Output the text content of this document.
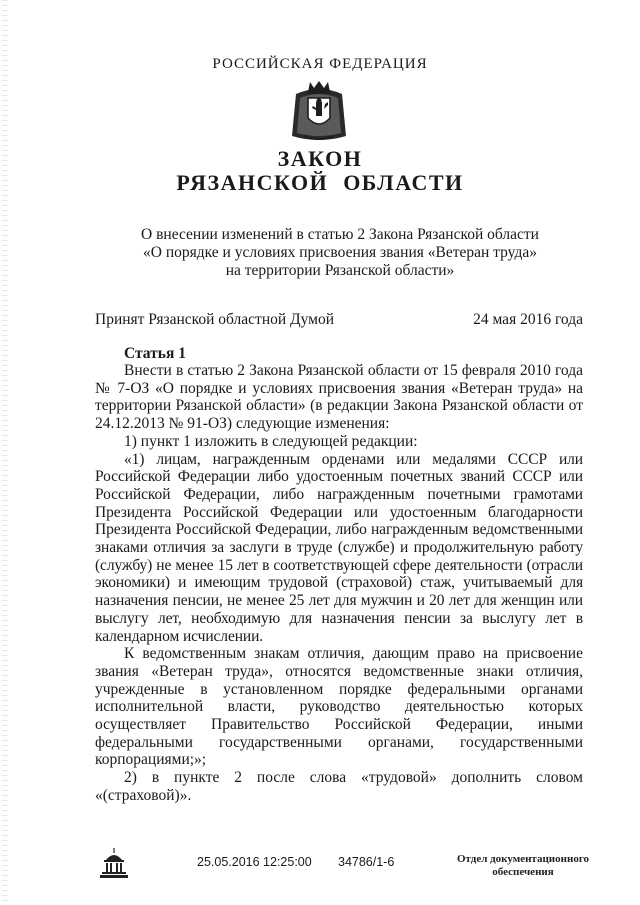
РОССИЙСКАЯ ФЕДЕРАЦИЯ
ЗАКОН
РЯЗАНСКОЙ ОБЛАСТИ
О внесении изменений в статью 2 Закона Рязанской области
«О порядке и условиях присвоения звания «Ветеран труда»
на территории Рязанской области»
Принят Рязанской областной Думой	24 мая 2016 года
Статья 1

Внести в статью 2 Закона Рязанской области от 15 февраля 2010 года № 7-ОЗ «О порядке и условиях присвоения звания «Ветеран труда» на территории Рязанской области» (в редакции Закона Рязанской области от 24.12.2013 № 91-ОЗ) следующие изменения:

1) пункт 1 изложить в следующей редакции:

«1) лицам, награжденным орденами или медалями СССР или Российской Федерации либо удостоенным почетных званий СССР или Российской Федерации, либо награжденным почетными грамотами Президента Российской Федерации или удостоенным благодарности Президента Российской Федерации, либо награжденным ведомственными знаками отличия за заслуги в труде (службе) и продолжительную работу (службу) не менее 15 лет в соответствующей сфере деятельности (отрасли экономики) и имеющим трудовой (страховой) стаж, учитываемый для назначения пенсии, не менее 25 лет для мужчин и 20 лет для женщин или выслугу лет, необходимую для назначения пенсии за выслугу лет в календарном исчислении.

К ведомственным знакам отличия, дающим право на присвоение звания «Ветеран труда», относятся ведомственные знаки отличия, учрежденные в установленном порядке федеральными органами исполнительной власти, руководство деятельностью которых осуществляет Правительство Российской Федерации, иными федеральными государственными органами, государственными корпорациями;»;

2) в пункте 2 после слова «трудовой» дополнить словом «(страховой)».

25.05.2016 12:25:00 34786/1-6	Отдел документационного
обеспечения
